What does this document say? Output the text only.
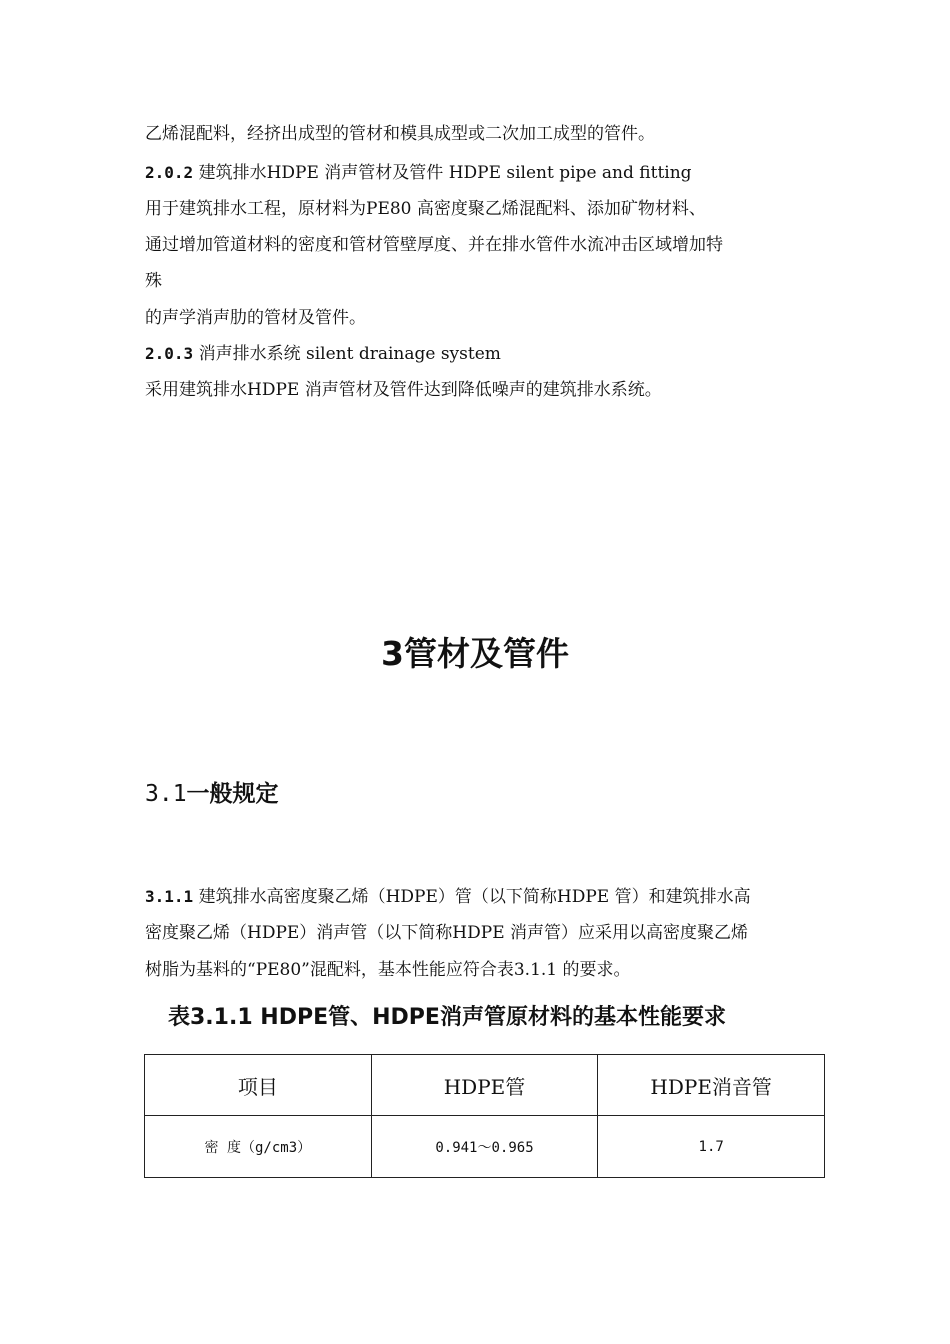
乙烯混配料，经挤出成型的管材和模具成型或二次加工成型的管件。
2.0.2 建筑排水HDPE 消声管材及管件 HDPE silent pipe and fitting
用于建筑排水工程，原材料为PE80 高密度聚乙烯混配料、添加矿物材料、
通过增加管道材料的密度和管材管壁厚度、并在排水管件水流冲击区域增加特
殊
的声学消声肋的管材及管件。
2.0.3 消声排水系统 silent drainage system
采用建筑排水HDPE 消声管材及管件达到降低噪声的建筑排水系统。
3管材及管件
3.1一般规定
3.1.1 建筑排水高密度聚乙烯（HDPE）管（以下简称HDPE 管）和建筑排水高
密度聚乙烯（HDPE）消声管（以下简称HDPE 消声管）应采用以高密度聚乙烯
树脂为基料的“PE80”混配料，基本性能应符合表3.1.1 的要求。
表3.1.1 HDPE管、HDPE消声管原材料的基本性能要求
项目	HDPE管	HDPE消音管
密 度（g/cm3）	0.941～0.965	1.7
